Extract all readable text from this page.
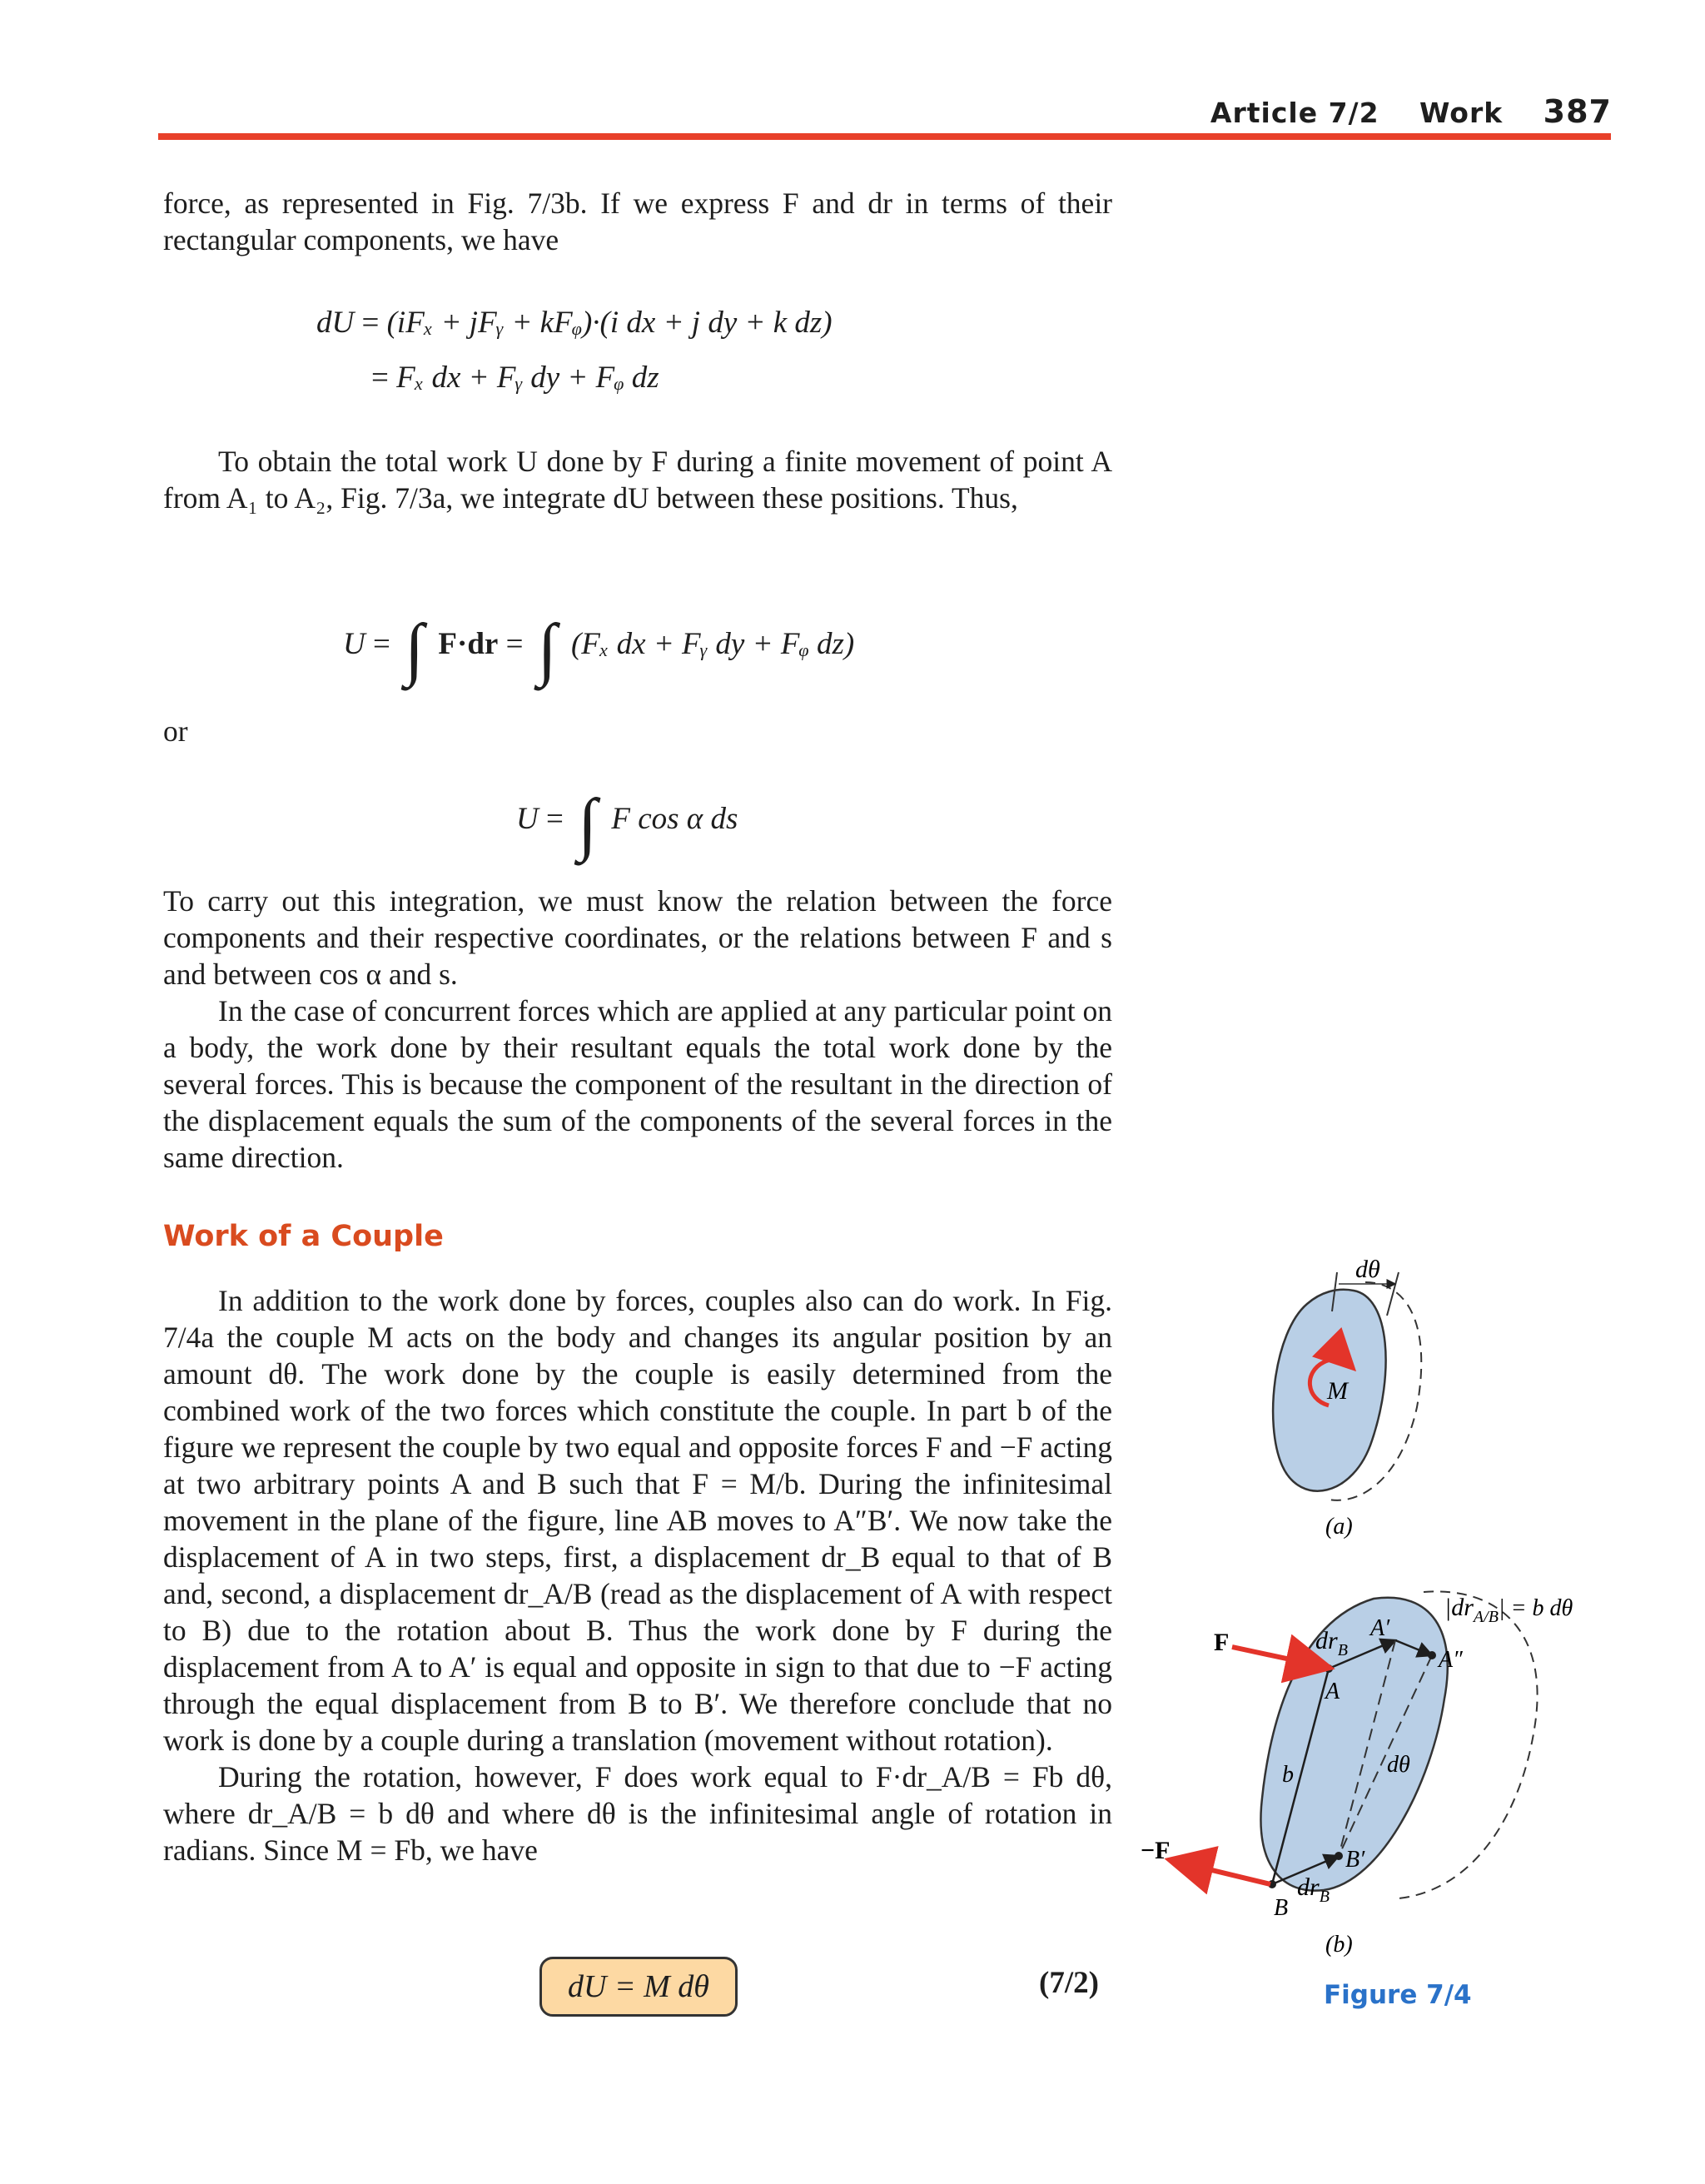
Article 7/2 Work 387

force, as represented in Fig. 7/3b. If we express F and dr in terms of their rectangular components, we have

dU = (iFₓ + jFᵧ + kFᵩ)·(i dx + j dy + k dz)
= Fₓ dx + Fᵧ dy + Fᵩ dz

To obtain the total work U done by F during a finite movement of point A from A₁ to A₂, Fig. 7/3a, we integrate dU between these positions. Thus,

U = ∫ F·dr = ∫ (Fₓ dx + Fᵧ dy + Fᵩ dz)

or

U = ∫ F cos α ds

To carry out this integration, we must know the relation between the force components and their respective coordinates, or the relations between F and s and between cos α and s.

In the case of concurrent forces which are applied at any particular point on a body, the work done by their resultant equals the total work done by the several forces. This is because the component of the resultant in the direction of the displacement equals the sum of the components of the several forces in the same direction.

Work of a Couple

In addition to the work done by forces, couples also can do work. In Fig. 7/4a the couple M acts on the body and changes its angular position by an amount dθ. The work done by the couple is easily determined from the combined work of the two forces which constitute the couple. In part b of the figure we represent the couple by two equal and opposite forces F and −F acting at two arbitrary points A and B such that F = M/b. During the infinitesimal movement in the plane of the figure, line AB moves to A″B′. We now take the displacement of A in two steps, first, a displacement dr_B equal to that of B and, second, a displacement dr_A/B (read as the displacement of A with respect to B) due to the rotation about B. Thus the work done by F during the displacement from A to A′ is equal and opposite in sign to that due to −F acting through the equal displacement from B to B′. We therefore conclude that no work is done by a couple during a translation (movement without rotation).

During the rotation, however, F does work equal to F·dr_A/B = Fb dθ, where dr_A/B = b dθ and where dθ is the infinitesimal angle of rotation in radians. Since M = Fb, we have

dU = M dθ	(7/2)
dθ
M
(a)
F
−F
$dr_B$
$dr_B$
$|dr_{A/B}| = b$ dθ
A
A′
A″
B
B′
b	dθ
(b)
Figure 7/4
